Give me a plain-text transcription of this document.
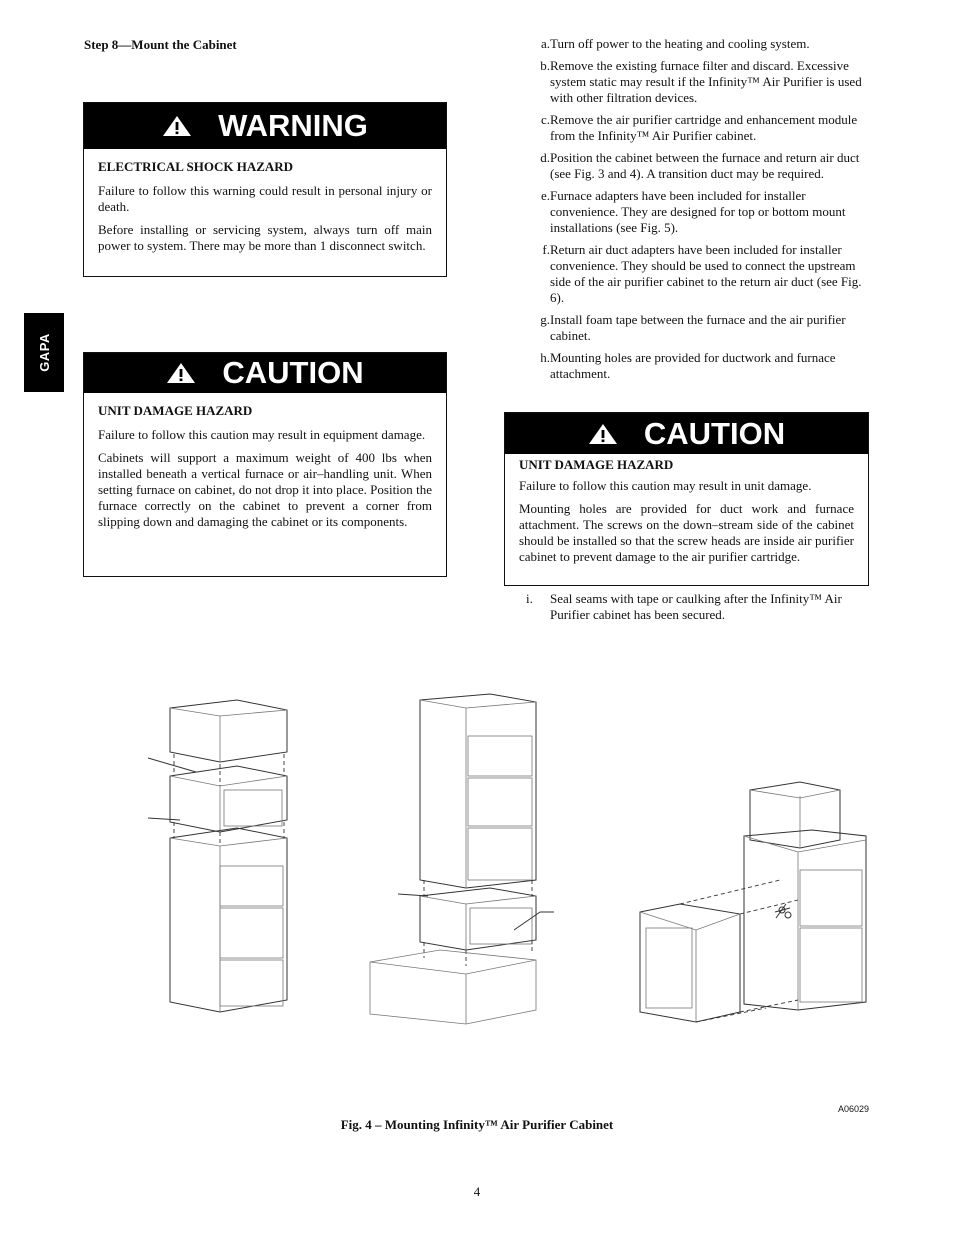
Step 8—Mount the Cabinet
WARNING
ELECTRICAL SHOCK HAZARD

Failure to follow this warning could result in personal injury or death.

Before installing or servicing system, always turn off main power to system. There may be more than 1 disconnect switch.

GAPA
CAUTION
UNIT DAMAGE HAZARD

Failure to follow this caution may result in equipment damage.

Cabinets will support a maximum weight of 400 lbs when installed beneath a vertical furnace or air–handling unit. When setting furnace on cabinet, do not drop it into place. Position the furnace correctly on the cabinet to prevent a corner from slipping down and damaging the cabinet or its components.

a. Turn off power to the heating and cooling system.
b. Remove the existing furnace filter and discard. Excessive system static may result if the Infinity™ Air Purifier is used with other filtration devices.
c. Remove the air purifier cartridge and enhancement module from the Infinity™ Air Purifier cabinet.
d. Position the cabinet between the furnace and return air duct (see Fig. 3 and 4). A transition duct may be required.
e. Furnace adapters have been included for installer convenience. They are designed for top or bottom mount installations (see Fig. 5).
f. Return air duct adapters have been included for installer convenience. They should be used to connect the upstream side of the air purifier cabinet to the return air duct (see Fig. 6).
g. Install foam tape between the furnace and the air purifier cabinet.
h. Mounting holes are provided for ductwork and furnace attachment.
CAUTION
UNIT DAMAGE HAZARD

Failure to follow this caution may result in unit damage.

Mounting holes are provided for duct work and furnace attachment. The screws on the down–stream side of the cabinet should be installed so that the screw heads are inside air purifier cabinet to prevent damage to the air purifier cartridge.

i.	Seal seams with tape or caulking after the Infinity™ Air Purifier cabinet has been secured.
A06029
Fig. 4 – Mounting Infinity™ Air Purifier Cabinet
4
